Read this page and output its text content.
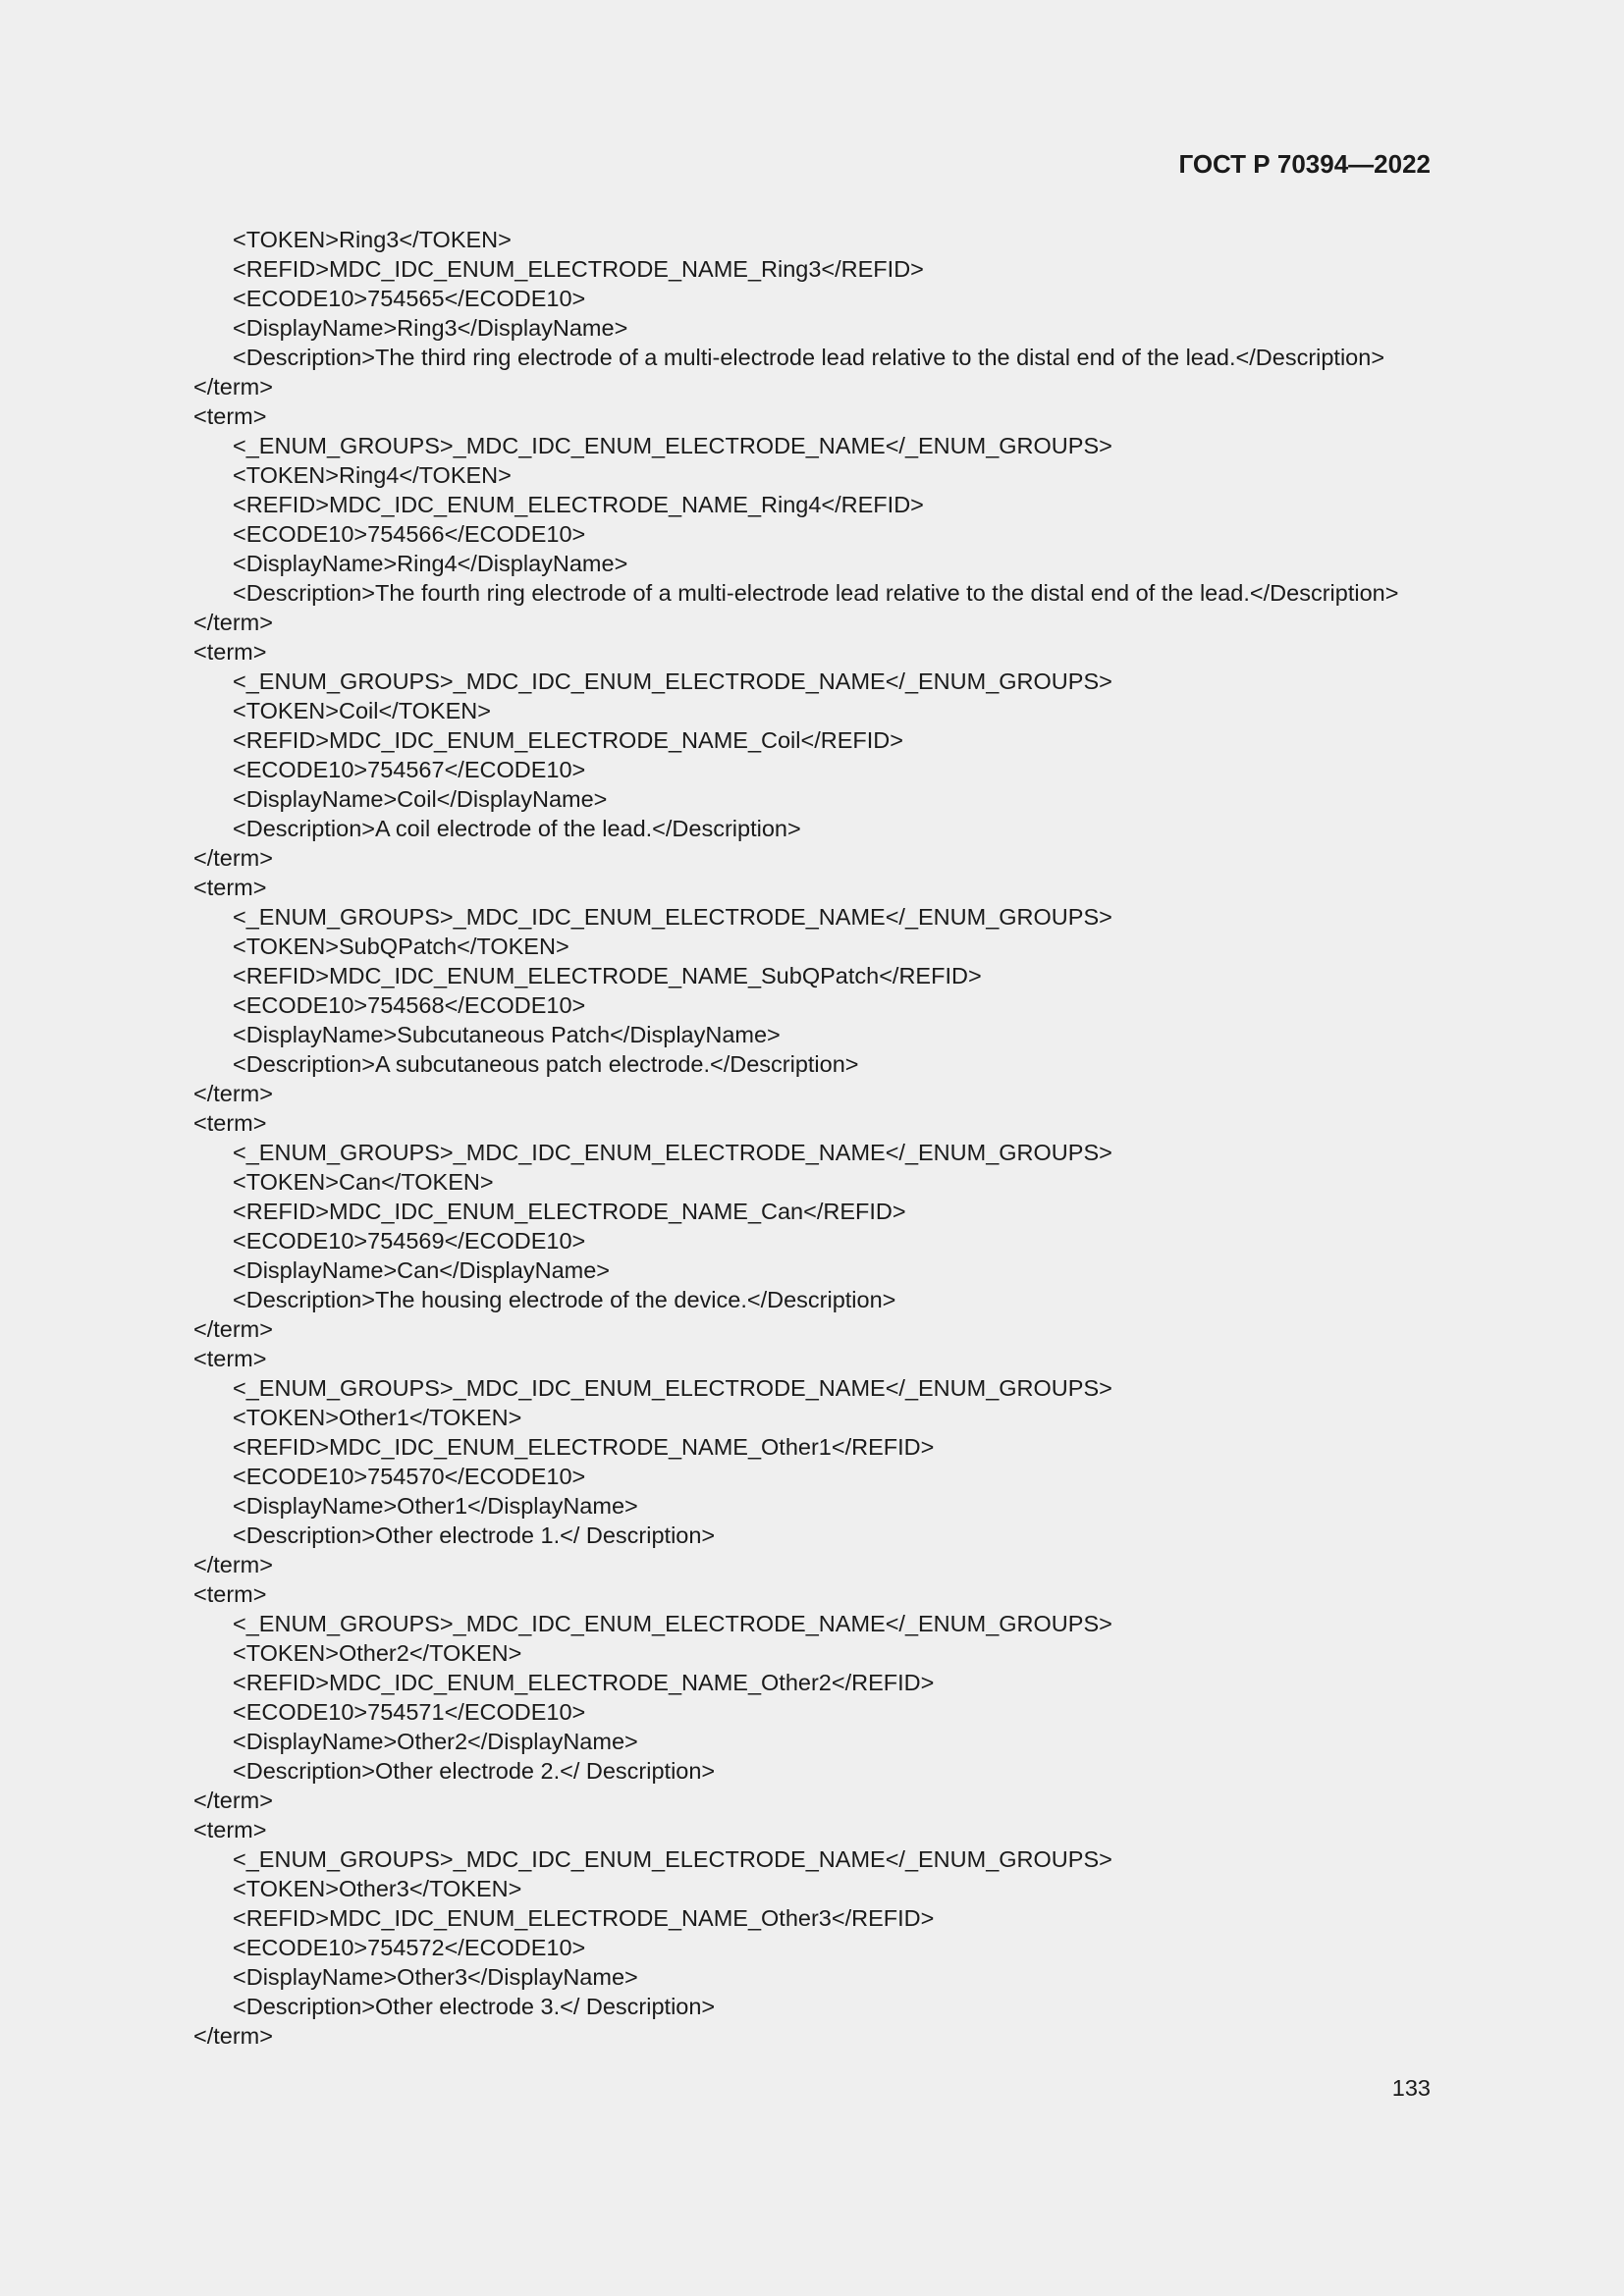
ГОСТ Р 70394—2022
<TOKEN>Ring3</TOKEN>
<REFID>MDC_IDC_ENUM_ELECTRODE_NAME_Ring3</REFID>
<ECODE10>754565</ECODE10>
<DisplayName>Ring3</DisplayName>
<Description>The third ring electrode of a multi-electrode lead relative to the distal end of the lead.</Description>
</term>
<term>
<_ENUM_GROUPS>_MDC_IDC_ENUM_ELECTRODE_NAME</_ENUM_GROUPS>
<TOKEN>Ring4</TOKEN>
<REFID>MDC_IDC_ENUM_ELECTRODE_NAME_Ring4</REFID>
<ECODE10>754566</ECODE10>
<DisplayName>Ring4</DisplayName>
<Description>The fourth ring electrode of a multi-electrode lead relative to the distal end of the lead.</Description>
</term>
<term>
<_ENUM_GROUPS>_MDC_IDC_ENUM_ELECTRODE_NAME</_ENUM_GROUPS>
<TOKEN>Coil</TOKEN>
<REFID>MDC_IDC_ENUM_ELECTRODE_NAME_Coil</REFID>
<ECODE10>754567</ECODE10>
<DisplayName>Coil</DisplayName>
<Description>A coil electrode of the lead.</Description>
</term>
<term>
<_ENUM_GROUPS>_MDC_IDC_ENUM_ELECTRODE_NAME</_ENUM_GROUPS>
<TOKEN>SubQPatch</TOKEN>
<REFID>MDC_IDC_ENUM_ELECTRODE_NAME_SubQPatch</REFID>
<ECODE10>754568</ECODE10>
<DisplayName>Subcutaneous Patch</DisplayName>
<Description>A subcutaneous patch electrode.</Description>
</term>
<term>
<_ENUM_GROUPS>_MDC_IDC_ENUM_ELECTRODE_NAME</_ENUM_GROUPS>
<TOKEN>Can</TOKEN>
<REFID>MDC_IDC_ENUM_ELECTRODE_NAME_Can</REFID>
<ECODE10>754569</ECODE10>
<DisplayName>Can</DisplayName>
<Description>The housing electrode of the device.</Description>
</term>
<term>
<_ENUM_GROUPS>_MDC_IDC_ENUM_ELECTRODE_NAME</_ENUM_GROUPS>
<TOKEN>Other1</TOKEN>
<REFID>MDC_IDC_ENUM_ELECTRODE_NAME_Other1</REFID>
<ECODE10>754570</ECODE10>
<DisplayName>Other1</DisplayName>
<Description>Other electrode 1.</ Description>
</term>
<term>
<_ENUM_GROUPS>_MDC_IDC_ENUM_ELECTRODE_NAME</_ENUM_GROUPS>
<TOKEN>Other2</TOKEN>
<REFID>MDC_IDC_ENUM_ELECTRODE_NAME_Other2</REFID>
<ECODE10>754571</ECODE10>
<DisplayName>Other2</DisplayName>
<Description>Other electrode 2.</ Description>
</term>
<term>
<_ENUM_GROUPS>_MDC_IDC_ENUM_ELECTRODE_NAME</_ENUM_GROUPS>
<TOKEN>Other3</TOKEN>
<REFID>MDC_IDC_ENUM_ELECTRODE_NAME_Other3</REFID>
<ECODE10>754572</ECODE10>
<DisplayName>Other3</DisplayName>
<Description>Other electrode 3.</ Description>
</term>
133
